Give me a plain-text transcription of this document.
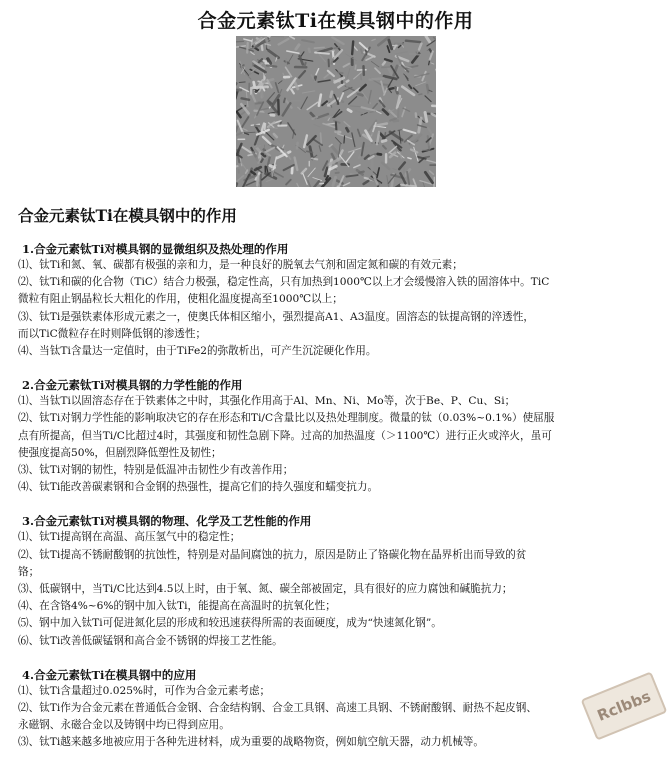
合金元素钛Ti在模具钢中的作用
合金元素钛Ti在模具钢中的作用
1.合金元素钛Ti对模具钢的显微组织及热处理的作用

⑴、钛Ti和氮、氧、碳都有极强的亲和力，是一种良好的脱氧去气剂和固定氮和碳的有效元素；

⑵、钛Ti和碳的化合物（TiC）结合力极强，稳定性高，只有加热到1000℃以上才会缓慢溶入铁的固溶体中。TiC

微粒有阻止钢晶粒长大粗化的作用，使粗化温度提高至1000℃以上；

⑶、钛Ti是强铁素体形成元素之一，使奥氏体相区缩小，强烈提高A1、A3温度。固溶态的钛提高钢的淬透性，

而以TiC微粒存在时则降低钢的渗透性；

⑷、当钛Ti含量达一定值时，由于TiFe2的弥散析出，可产生沉淀硬化作用。

2.合金元素钛Ti对模具钢的力学性能的作用

⑴、当钛Ti以固溶态存在于铁素体之中时，其强化作用高于Al、Mn、Ni、Mo等，次于Be、P、Cu、Si；

⑵、钛Ti对钢力学性能的影响取决它的存在形态和Ti/C含量比以及热处理制度。微量的钛（0.03%~0.1%）使屈服

点有所提高，但当Ti/C比超过4时，其强度和韧性急剧下降。过高的加热温度（＞1100℃）进行正火或淬火，虽可

使强度提高50%，但剧烈降低塑性及韧性；

⑶、钛Ti对钢的韧性，特别是低温冲击韧性少有改善作用；

⑷、钛Ti能改善碳素钢和合金钢的热强性，提高它们的持久强度和蠕变抗力。

3.合金元素钛Ti对模具钢的物理、化学及工艺性能的作用

⑴、钛Ti提高钢在高温、高压氢气中的稳定性；

⑵、钛Ti提高不锈耐酸钢的抗蚀性，特别是对晶间腐蚀的抗力，原因是防止了铬碳化物在晶界析出而导致的贫

铬；

⑶、低碳钢中，当Ti/C比达到4.5以上时，由于氧、氮、碳全部被固定，具有很好的应力腐蚀和碱脆抗力；

⑷、在含铬4%~6%的钢中加入钛Ti，能提高在高温时的抗氧化性；

⑸、钢中加入钛Ti可促进氮化层的形成和较迅速获得所需的表面硬度，成为“快速氮化钢”。

⑹、钛Ti改善低碳锰钢和高合金不锈钢的焊接工艺性能。

4.合金元素钛Ti在模具钢中的应用

⑴、钛Ti含量超过0.025%时，可作为合金元素考虑；

⑵、钛Ti作为合金元素在普通低合金钢、合金结构钢、合金工具钢、高速工具钢、不锈耐酸钢、耐热不起皮钢、

永磁钢、永磁合金以及铸钢中均已得到应用。

⑶、钛Ti越来越多地被应用于各种先进材料，成为重要的战略物资，例如航空航天器，动力机械等。

Rclbbs
